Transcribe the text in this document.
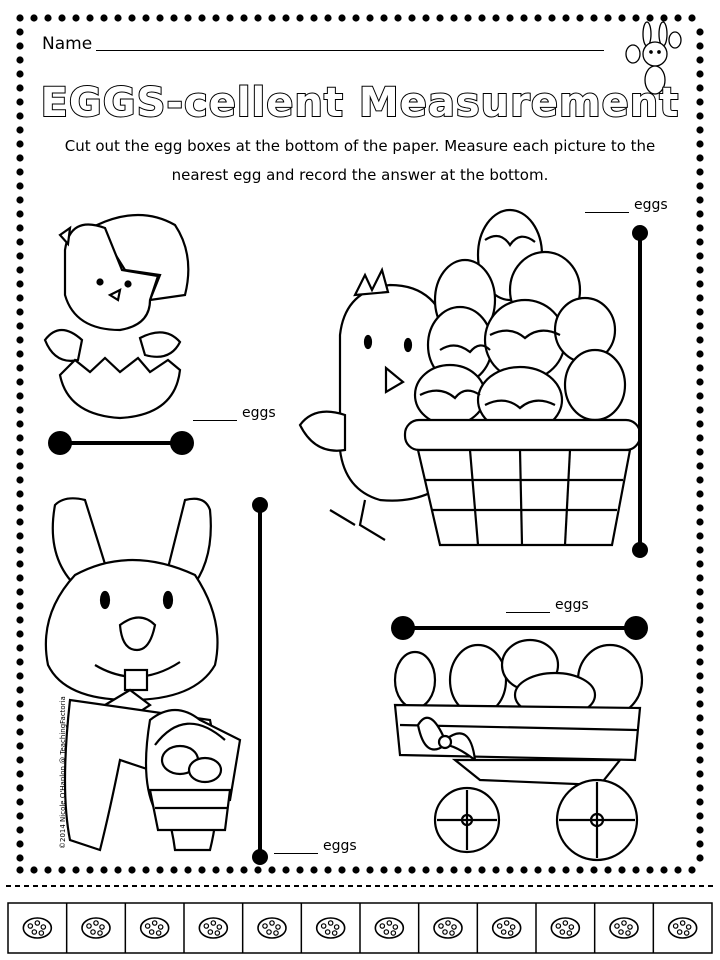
Name
EGGS-cellent Measurement
Cut out the egg boxes at the bottom of the paper. Measure each picture to the nearest egg and record the answer at the bottom.
eggs
eggs
eggs
eggs
©2014 Nicole O'Hanlon @ TeachingFactoria
